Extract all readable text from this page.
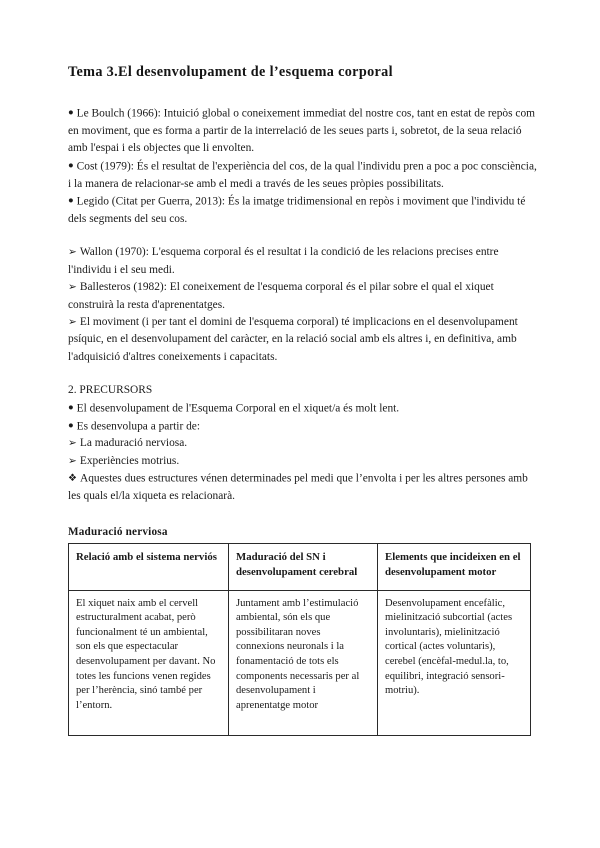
Tema 3.El desenvolupament de l’esquema corporal

● Le Boulch (1966): Intuició global o coneixement immediat del nostre cos, tant en estat de repòs com en moviment, que es forma a partir de la interrelació de les seues parts i, sobretot, de la seua relació amb l'espai i els objectes que li envolten.

● Cost (1979): És el resultat de l'experiència del cos, de la qual l'individu pren a poc a poc consciència, i la manera de relacionar-se amb el medi a través de les seues pròpies possibilitats.

● Legido (Citat per Guerra, 2013): És la imatge tridimensional en repòs i moviment que l'individu té dels segments del seu cos.

➢ Wallon (1970): L'esquema corporal és el resultat i la condició de les relacions precises entre l'individu i el seu medi.

➢ Ballesteros (1982): El coneixement de l'esquema corporal és el pilar sobre el qual el xiquet construirà la resta d'aprenentatges.

➢ El moviment (i per tant el domini de l'esquema corporal) té implicacions en el desenvolupament psíquic, en el desenvolupament del caràcter, en la relació social amb els altres i, en definitiva, amb l'adquisició d'altres coneixements i capacitats.

2. PRECURSORS

● El desenvolupament de l'Esquema Corporal en el xiquet/a és molt lent.

● Es desenvolupa a partir de:

➢ La maduració nerviosa.

➢ Experiències motrius.

❖ Aquestes dues estructures vénen determinades pel medi que l’envolta i per les altres persones amb les quals el/la xiqueta es relacionarà.

Maduració nerviosa

Relació amb el sistema nerviós	Maduració del SN i desenvolupament cerebral	Elements que incideixen en el desenvolupament motor
El xiquet naix amb el cervell estructuralment acabat, però funcionalment té un ambiental, son els que espectacular desenvolupament per davant. No totes les funcions venen regides per l’herència, sinó també per l’entorn.	Juntament amb l’estimulació ambiental, són els que possibilitaran noves connexions neuronals i la fonamentació de tots els components necessaris per al desenvolupament i aprenentatge motor	Desenvolupament encefàlic, mielinització subcortial (actes involuntaris), mielinització cortical (actes voluntaris), cerebel (encèfal-medul.la, to, equilibri, integració sensori-motriu).
